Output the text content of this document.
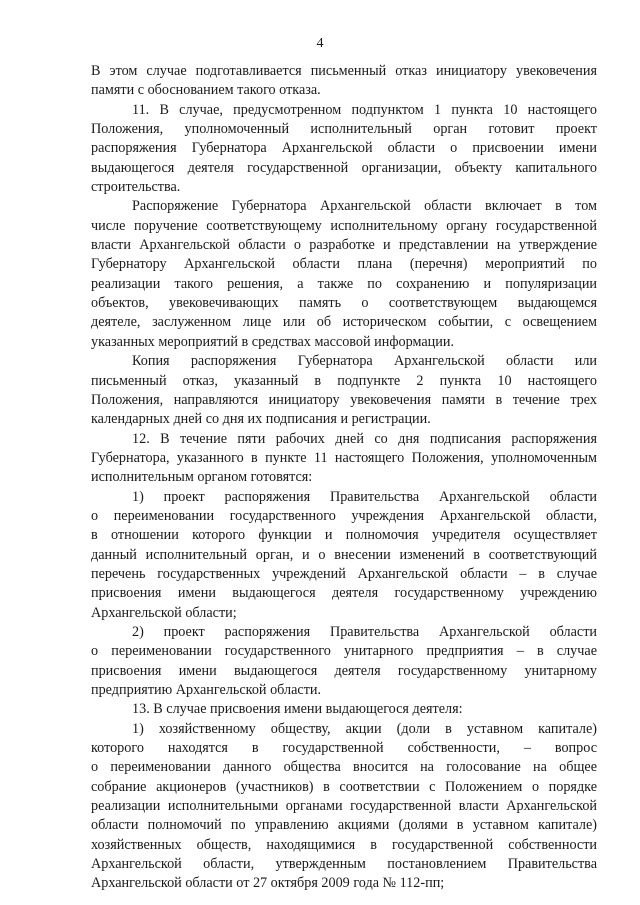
4
В этом случае подготавливается письменный отказ инициатору увековечения
памяти с обоснованием такого отказа.
11. В случае, предусмотренном подпунктом 1 пункта 10 настоящего
Положения, уполномоченный исполнительный орган готовит проект
распоряжения Губернатора Архангельской области о присвоении имени
выдающегося деятеля государственной организации, объекту капитального
строительства.
Распоряжение Губернатора Архангельской области включает в том
числе поручение соответствующему исполнительному органу государственной
власти Архангельской области о разработке и представлении на утверждение
Губернатору Архангельской области плана (перечня) мероприятий по
реализации такого решения, а также по сохранению и популяризации
объектов, увековечивающих память о соответствующем выдающемся
деятеле, заслуженном лице или об историческом событии, с освещением
указанных мероприятий в средствах массовой информации.
Копия распоряжения Губернатора Архангельской области или
письменный отказ, указанный в подпункте 2 пункта 10 настоящего
Положения, направляются инициатору увековечения памяти в течение трех
календарных дней со дня их подписания и регистрации.
12. В течение пяти рабочих дней со дня подписания распоряжения
Губернатора, указанного в пункте 11 настоящего Положения, уполномоченным
исполнительным органом готовятся:
1) проект распоряжения Правительства Архангельской области
о переименовании государственного учреждения Архангельской области,
в отношении которого функции и полномочия учредителя осуществляет
данный исполнительный орган, и о внесении изменений в соответствующий
перечень государственных учреждений Архангельской области – в случае
присвоения имени выдающегося деятеля государственному учреждению
Архангельской области;
2) проект распоряжения Правительства Архангельской области
о переименовании государственного унитарного предприятия – в случае
присвоения имени выдающегося деятеля государственному унитарному
предприятию Архангельской области.
13. В случае присвоения имени выдающегося деятеля:
1) хозяйственному обществу, акции (доли в уставном капитале)
которого находятся в государственной собственности, – вопрос
о переименовании данного общества вносится на голосование на общее
собрание акционеров (участников) в соответствии с Положением о порядке
реализации исполнительными органами государственной власти Архангельской
области полномочий по управлению акциями (долями в уставном капитале)
хозяйственных обществ, находящимися в государственной собственности
Архангельской области, утвержденным постановлением Правительства
Архангельской области от 27 октября 2009 года № 112-пп;
